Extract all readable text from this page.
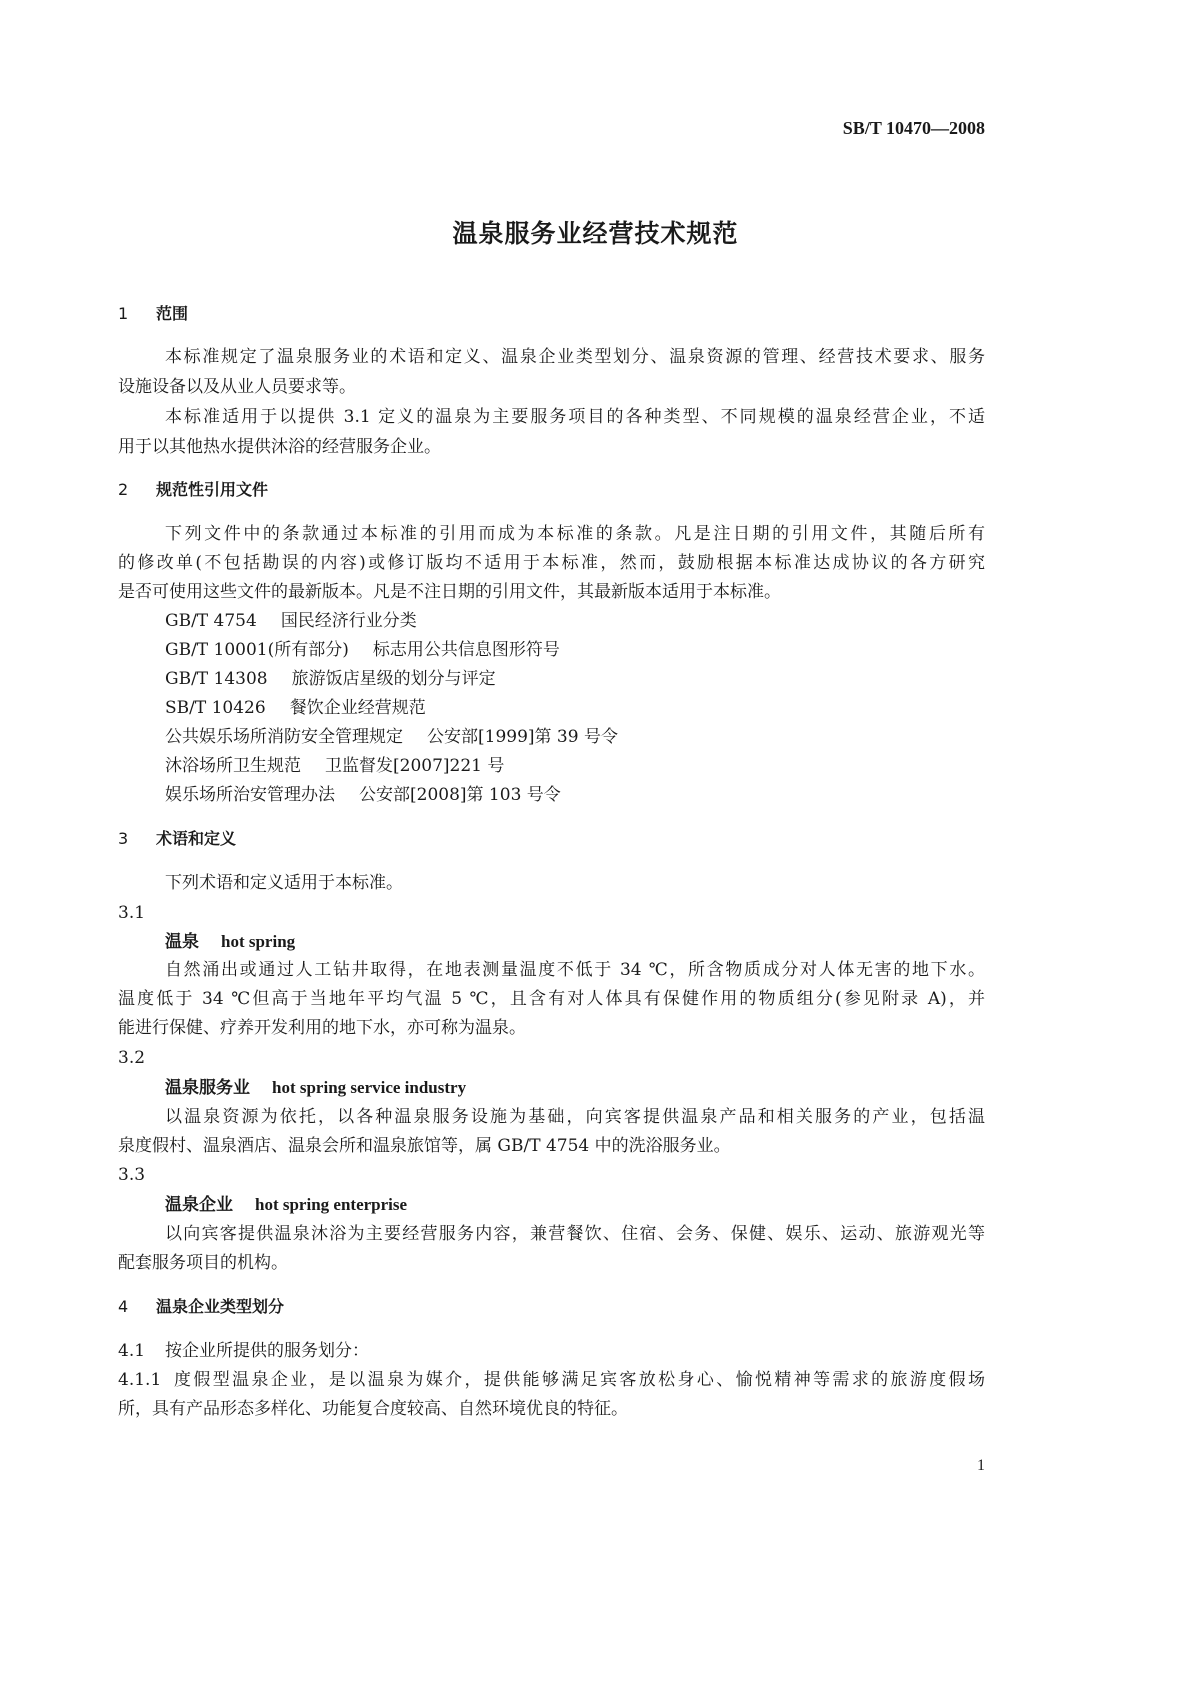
SB/T 10470—2008
温泉服务业经营技术规范
1 范围
本标准规定了温泉服务业的术语和定义、温泉企业类型划分、温泉资源的管理、经营技术要求、服务
设施设备以及从业人员要求等。
本标准适用于以提供 3.1 定义的温泉为主要服务项目的各种类型、不同规模的温泉经营企业，不适
用于以其他热水提供沐浴的经营服务企业。
2 规范性引用文件
下列文件中的条款通过本标准的引用而成为本标准的条款。凡是注日期的引用文件，其随后所有
的修改单(不包括勘误的内容)或修订版均不适用于本标准，然而，鼓励根据本标准达成协议的各方研究
是否可使用这些文件的最新版本。凡是不注日期的引用文件，其最新版本适用于本标准。
GB/T 4754 国民经济行业分类
GB/T 10001(所有部分) 标志用公共信息图形符号
GB/T 14308 旅游饭店星级的划分与评定
SB/T 10426 餐饮企业经营规范
公共娱乐场所消防安全管理规定 公安部[1999]第 39 号令
沐浴场所卫生规范 卫监督发[2007]221 号
娱乐场所治安管理办法 公安部[2008]第 103 号令
3 术语和定义
下列术语和定义适用于本标准。
3.1
温泉 hot spring
自然涌出或通过人工钻井取得，在地表测量温度不低于 34 ℃，所含物质成分对人体无害的地下水。
温度低于 34 ℃但高于当地年平均气温 5 ℃，且含有对人体具有保健作用的物质组分(参见附录 A)，并
能进行保健、疗养开发利用的地下水，亦可称为温泉。
3.2
温泉服务业 hot spring service industry
以温泉资源为依托，以各种温泉服务设施为基础，向宾客提供温泉产品和相关服务的产业，包括温
泉度假村、温泉酒店、温泉会所和温泉旅馆等，属 GB/T 4754 中的洗浴服务业。
3.3
温泉企业 hot spring enterprise
以向宾客提供温泉沐浴为主要经营服务内容，兼营餐饮、住宿、会务、保健、娱乐、运动、旅游观光等
配套服务项目的机构。
4 温泉企业类型划分
4.1 按企业所提供的服务划分：
4.1.1 度假型温泉企业，是以温泉为媒介，提供能够满足宾客放松身心、愉悦精神等需求的旅游度假场
所，具有产品形态多样化、功能复合度较高、自然环境优良的特征。
1
